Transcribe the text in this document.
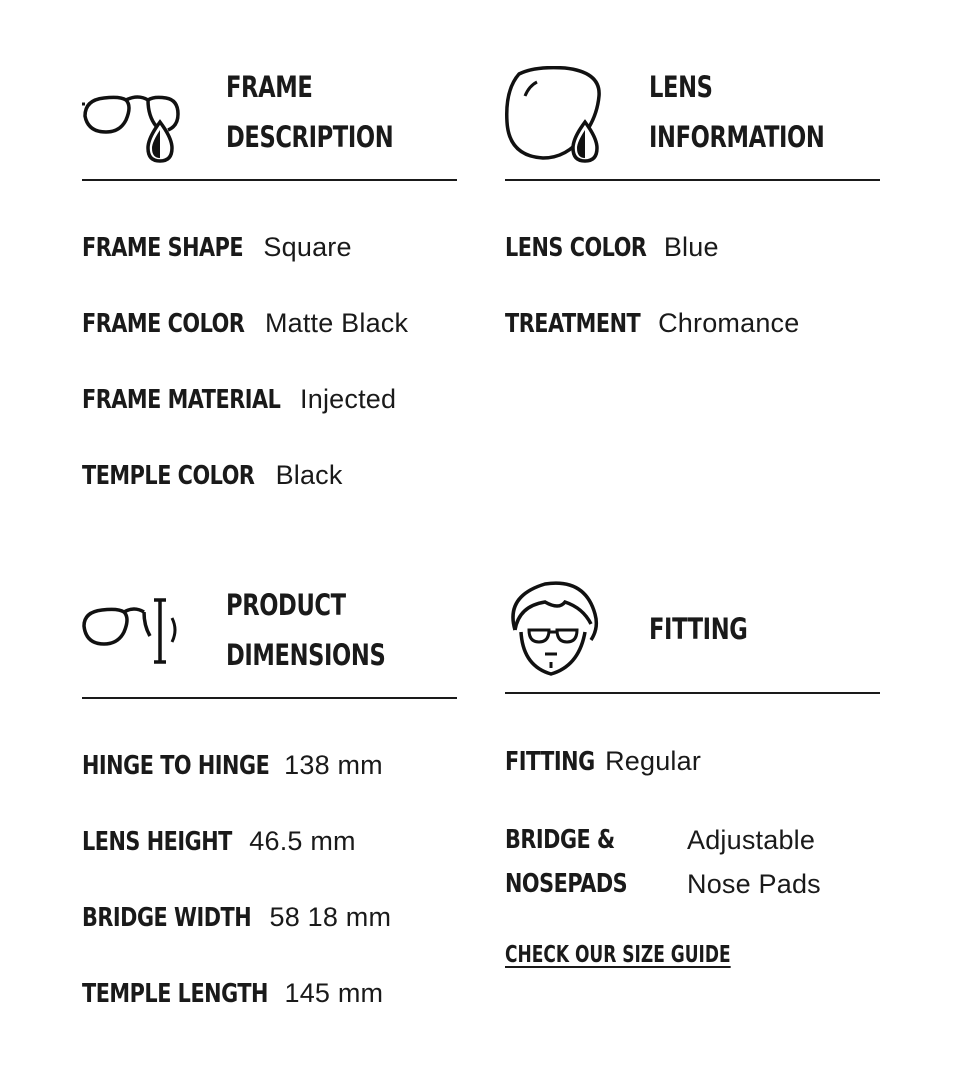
FRAME
DESCRIPTION
FRAME SHAPE Square
FRAME COLOR Matte Black
FRAME MATERIAL Injected
TEMPLE COLOR Black
LENS
INFORMATION
LENS COLOR Blue
TREATMENT Chromance
PRODUCT
DIMENSIONS
HINGE TO HINGE 138 mm
LENS HEIGHT 46.5 mm
BRIDGE WIDTH 58 18 mm
TEMPLE LENGTH 145 mm
FITTING
FITTING Regular
BRIDGE &
NOSEPADS
Adjustable
Nose Pads
CHECK OUR SIZE GUIDE
